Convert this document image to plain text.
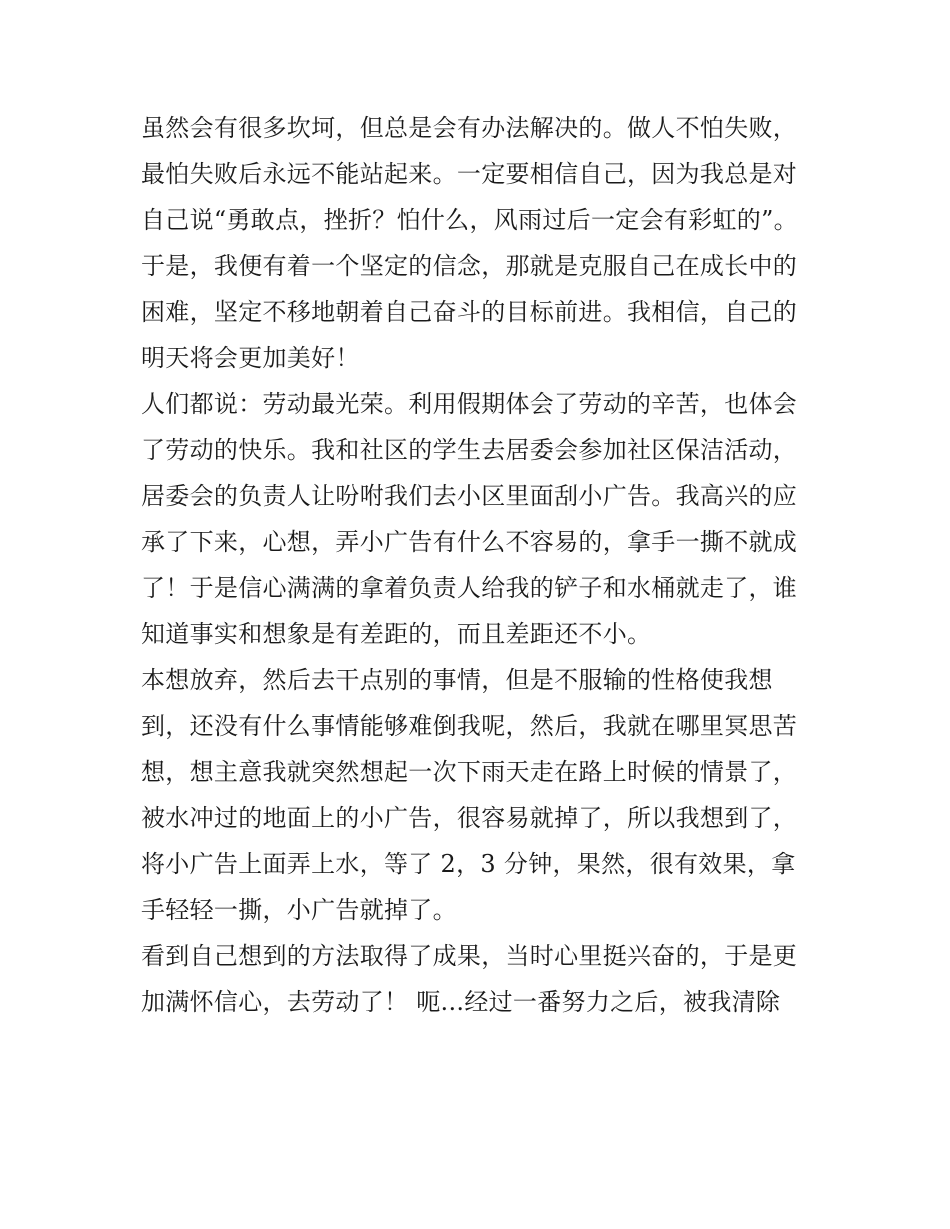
虽然会有很多坎坷，但总是会有办法解决的。做人不怕失败，
最怕失败后永远不能站起来。一定要相信自己，因为我总是对
自己说“勇敢点，挫折？怕什么，风雨过后一定会有彩虹的”。
于是，我便有着一个坚定的信念，那就是克服自己在成长中的
困难，坚定不移地朝着自己奋斗的目标前进。我相信，自己的
明天将会更加美好！
人们都说：劳动最光荣。利用假期体会了劳动的辛苦，也体会
了劳动的快乐。我和社区的学生去居委会参加社区保洁活动，
居委会的负责人让吩咐我们去小区里面刮小广告。我高兴的应
承了下来，心想，弄小广告有什么不容易的，拿手一撕不就成
了！于是信心满满的拿着负责人给我的铲子和水桶就走了，谁
知道事实和想象是有差距的，而且差距还不小。
本想放弃，然后去干点别的事情，但是不服输的性格使我想
到，还没有什么事情能够难倒我呢，然后，我就在哪里冥思苦
想，想主意我就突然想起一次下雨天走在路上时候的情景了，
被水冲过的地面上的小广告，很容易就掉了，所以我想到了，
将小广告上面弄上水，等了 2，3 分钟，果然，很有效果，拿
手轻轻一撕，小广告就掉了。
看到自己想到的方法取得了成果，当时心里挺兴奋的，于是更
加满怀信心，去劳动了！ 呃...经过一番努力之后，被我清除
